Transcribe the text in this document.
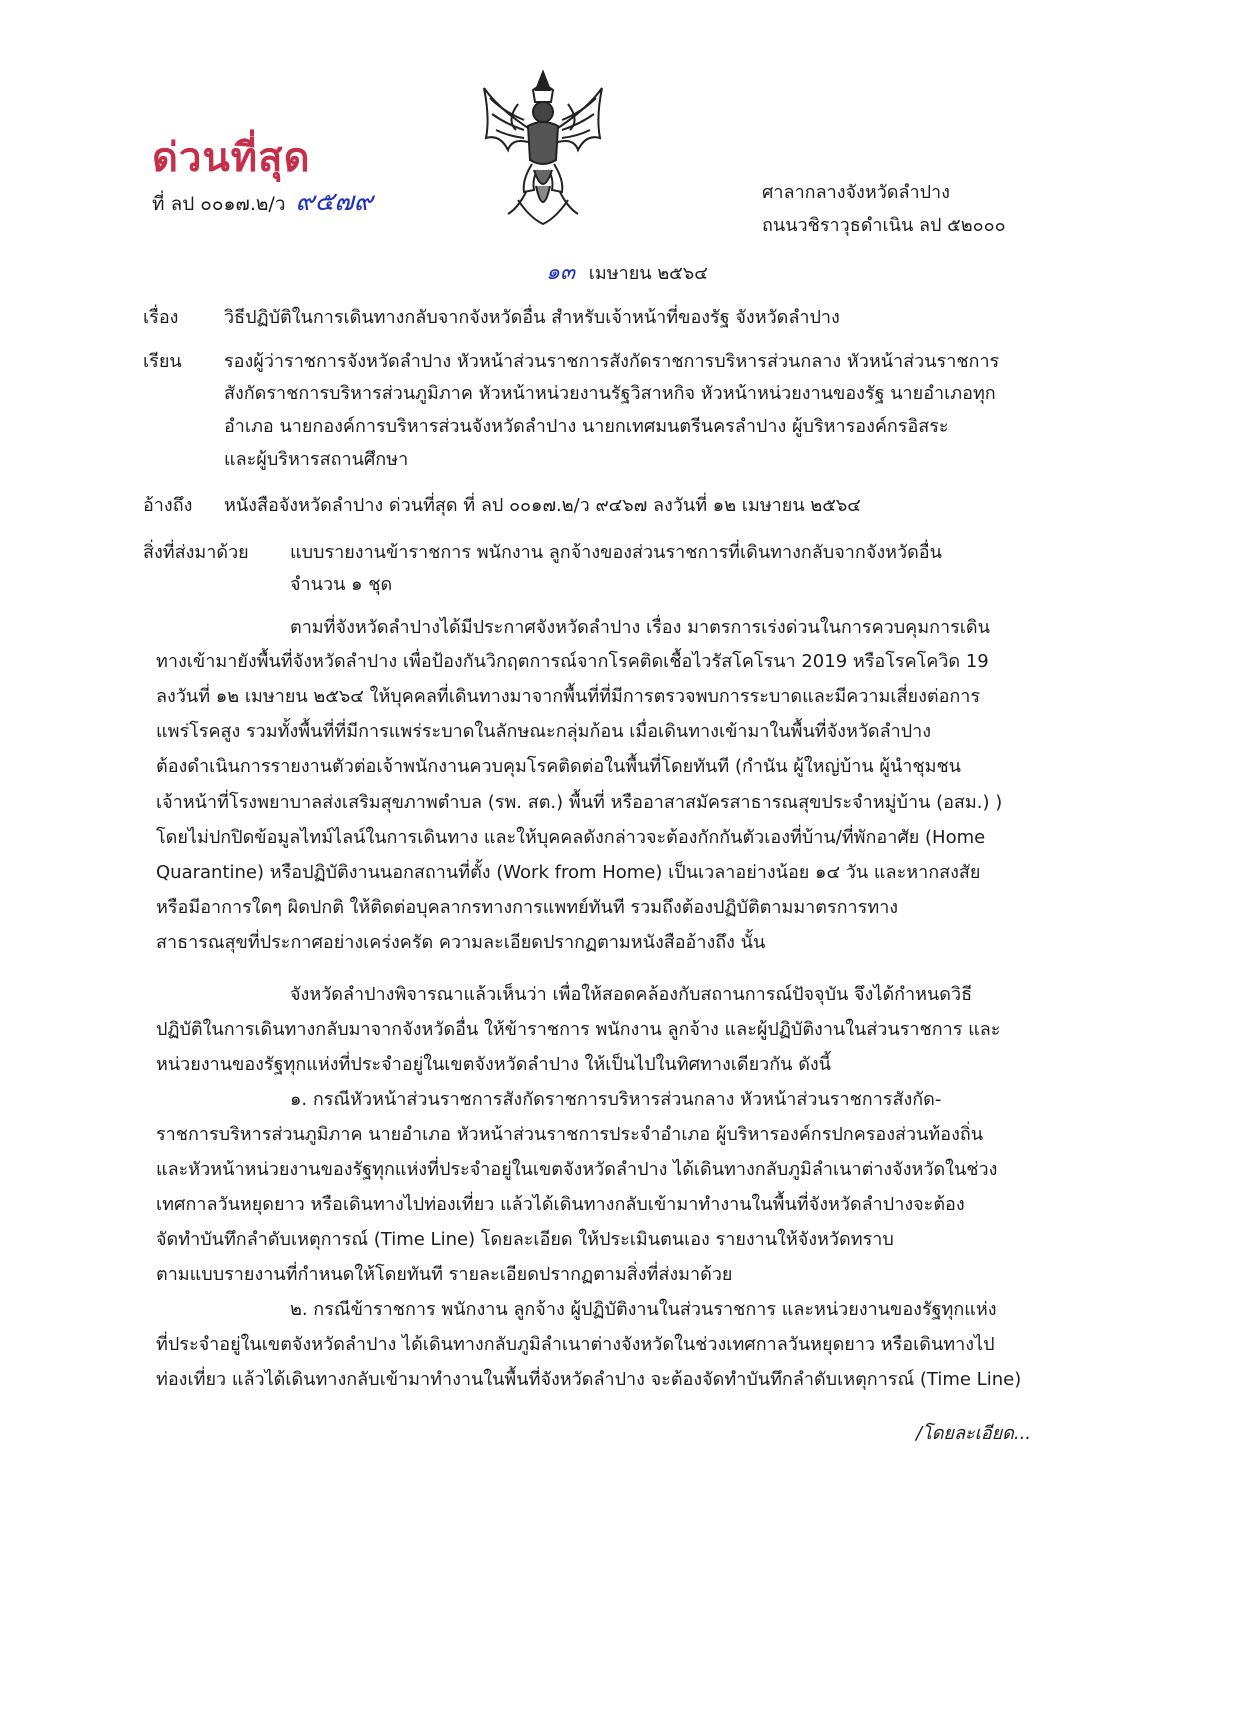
ด่วนที่สุด
ที่ ลป ๐๐๑๗.๒/ว ๙๕๗๙	ศาลากลางจังหวัดลำปาง
ถนนวชิราวุธดำเนิน ลป ๕๒๐๐๐
๑๓ เมษายน ๒๕๖๔
เรื่อง	วิธีปฏิบัติในการเดินทางกลับจากจังหวัดอื่น สำหรับเจ้าหน้าที่ของรัฐ จังหวัดลำปาง
เรียน รองผู้ว่าราชการจังหวัดลำปาง หัวหน้าส่วนราชการสังกัดราชการบริหารส่วนกลาง หัวหน้าส่วนราชการ
สังกัดราชการบริหารส่วนภูมิภาค หัวหน้าหน่วยงานรัฐวิสาหกิจ หัวหน้าหน่วยงานของรัฐ นายอำเภอทุก
อำเภอ นายกองค์การบริหารส่วนจังหวัดลำปาง นายกเทศมนตรีนครลำปาง ผู้บริหารองค์กรอิสระ
และผู้บริหารสถานศึกษา
อ้างถึง หนังสือจังหวัดลำปาง ด่วนที่สุด ที่ ลป ๐๐๑๗.๒/ว ๙๔๖๗ ลงวันที่ ๑๒ เมษายน ๒๕๖๔
สิ่งที่ส่งมาด้วย แบบรายงานข้าราชการ พนักงาน ลูกจ้างของส่วนราชการที่เดินทางกลับจากจังหวัดอื่น
จำนวน ๑ ชุด
ตามที่จังหวัดลำปางได้มีประกาศจังหวัดลำปาง เรื่อง มาตรการเร่งด่วนในการควบคุมการเดิน
ทางเข้ามายังพื้นที่จังหวัดลำปาง เพื่อป้องกันวิกฤตการณ์จากโรคติดเชื้อไวรัสโคโรนา 2019 หรือโรคโควิด 19
ลงวันที่ ๑๒ เมษายน ๒๕๖๔ ให้บุคคลที่เดินทางมาจากพื้นที่ที่มีการตรวจพบการระบาดและมีความเสี่ยงต่อการ
แพร่โรคสูง รวมทั้งพื้นที่ที่มีการแพร่ระบาดในลักษณะกลุ่มก้อน เมื่อเดินทางเข้ามาในพื้นที่จังหวัดลำปาง
ต้องดำเนินการรายงานตัวต่อเจ้าพนักงานควบคุมโรคติดต่อในพื้นที่โดยทันที (กำนัน ผู้ใหญ่บ้าน ผู้นำชุมชน
เจ้าหน้าที่โรงพยาบาลส่งเสริมสุขภาพตำบล (รพ. สต.) พื้นที่ หรืออาสาสมัครสาธารณสุขประจำหมู่บ้าน (อสม.) )
โดยไม่ปกปิดข้อมูลไทม์ไลน์ในการเดินทาง และให้บุคคลดังกล่าวจะต้องกักกันตัวเองที่บ้าน/ที่พักอาศัย (Home
Quarantine) หรือปฏิบัติงานนอกสถานที่ตั้ง (Work from Home) เป็นเวลาอย่างน้อย ๑๔ วัน และหากสงสัย
หรือมีอาการใดๆ ผิดปกติ ให้ติดต่อบุคลากรทางการแพทย์ทันที รวมถึงต้องปฏิบัติตามมาตรการทาง
สาธารณสุขที่ประกาศอย่างเคร่งครัด ความละเอียดปรากฏตามหนังสืออ้างถึง นั้น
จังหวัดลำปางพิจารณาแล้วเห็นว่า เพื่อให้สอดคล้องกับสถานการณ์ปัจจุบัน จึงได้กำหนดวิธี
ปฏิบัติในการเดินทางกลับมาจากจังหวัดอื่น ให้ข้าราชการ พนักงาน ลูกจ้าง และผู้ปฏิบัติงานในส่วนราชการ และ
หน่วยงานของรัฐทุกแห่งที่ประจำอยู่ในเขตจังหวัดลำปาง ให้เป็นไปในทิศทางเดียวกัน ดังนี้
๑. กรณีหัวหน้าส่วนราชการสังกัดราชการบริหารส่วนกลาง หัวหน้าส่วนราชการสังกัด-
ราชการบริหารส่วนภูมิภาค นายอำเภอ หัวหน้าส่วนราชการประจำอำเภอ ผู้บริหารองค์กรปกครองส่วนท้องถิ่น
และหัวหน้าหน่วยงานของรัฐทุกแห่งที่ประจำอยู่ในเขตจังหวัดลำปาง ได้เดินทางกลับภูมิลำเนาต่างจังหวัดในช่วง
เทศกาลวันหยุดยาว หรือเดินทางไปท่องเที่ยว แล้วได้เดินทางกลับเข้ามาทำงานในพื้นที่จังหวัดลำปางจะต้อง
จัดทำบันทึกลำดับเหตุการณ์ (Time Line) โดยละเอียด ให้ประเมินตนเอง รายงานให้จังหวัดทราบ
ตามแบบรายงานที่กำหนดให้โดยทันที รายละเอียดปรากฏตามสิ่งที่ส่งมาด้วย
๒. กรณีข้าราชการ พนักงาน ลูกจ้าง ผู้ปฏิบัติงานในส่วนราชการ และหน่วยงานของรัฐทุกแห่ง
ที่ประจำอยู่ในเขตจังหวัดลำปาง ได้เดินทางกลับภูมิลำเนาต่างจังหวัดในช่วงเทศกาลวันหยุดยาว หรือเดินทางไป
ท่องเที่ยว แล้วได้เดินทางกลับเข้ามาทำงานในพื้นที่จังหวัดลำปาง จะต้องจัดทำบันทึกลำดับเหตุการณ์ (Time Line)
/โดยละเอียด...
